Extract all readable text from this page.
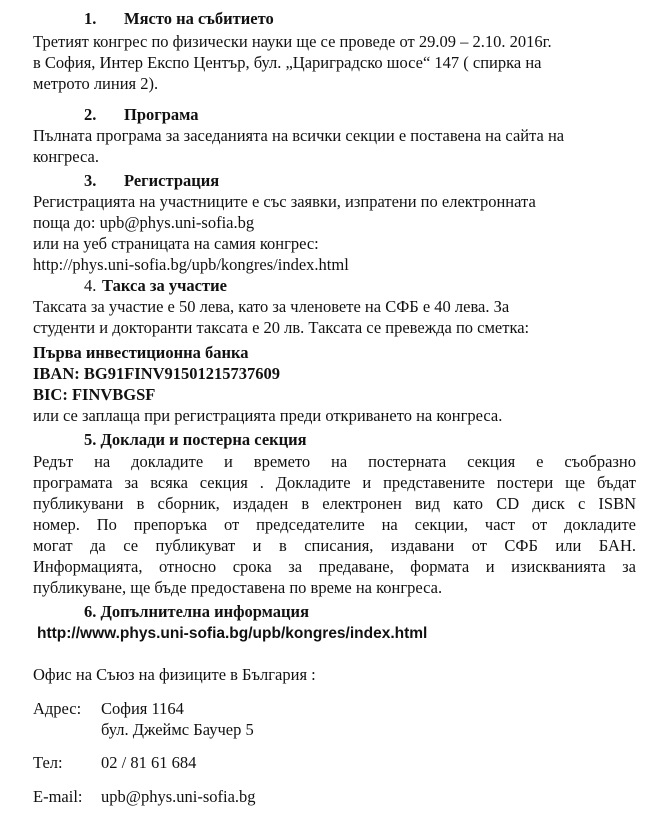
1. Място на събитието
Третият конгрес по физически науки ще се проведе от 29.09 – 2.10. 2016г.
в София, Интер Експо Център, бул. „Цариградско шосе“ 147 ( спирка на
метрото линия 2).
2. Програма
Пълната програма за заседанията на всички секции е поставена на сайта на
конгреса.
3. Регистрация
Регистрацията на участниците е със заявки, изпратени по електронната
поща до: upb@phys.uni-sofia.bg
или на уеб страницата на самия конгрес:
http://phys.uni-sofia.bg/upb/kongres/index.html
4. Такса за участие
Таксата за участие е 50 лева, като за членовете на СФБ е 40 лева. За
студенти и докторанти таксата е 20 лв. Таксата се превежда по сметка:
Първа инвестиционна банка
IBAN: BG91FINV91501215737609
BIC: FINVBGSF
или се заплаща при регистрацията преди откриването на конгреса.
5. Доклади и постерна секция
Редът на докладите и времето на постерната секция е съобразно
програмата за всяка секция . Докладите и представените постери ще бъдат
публикувани в сборник, издаден в електронен вид като CD диск с ISBN
номер. По препоръка от председателите на секции, част от докладите
могат да се публикуват и в списания, издавани от СФБ или БАН.
Информацията, относно срока за предаване, формата и изискванията за
публикуване, ще бъде предоставена по време на конгреса.
6. Допълнителна информация
http://www.phys.uni-sofia.bg/upb/kongres/index.html
Офис на Съюз на физиците в България :
Адрес: София 1164
бул. Джеймс Баучер 5
Тел: 02 / 81 61 684
E-mail: upb@phys.uni-sofia.bg
